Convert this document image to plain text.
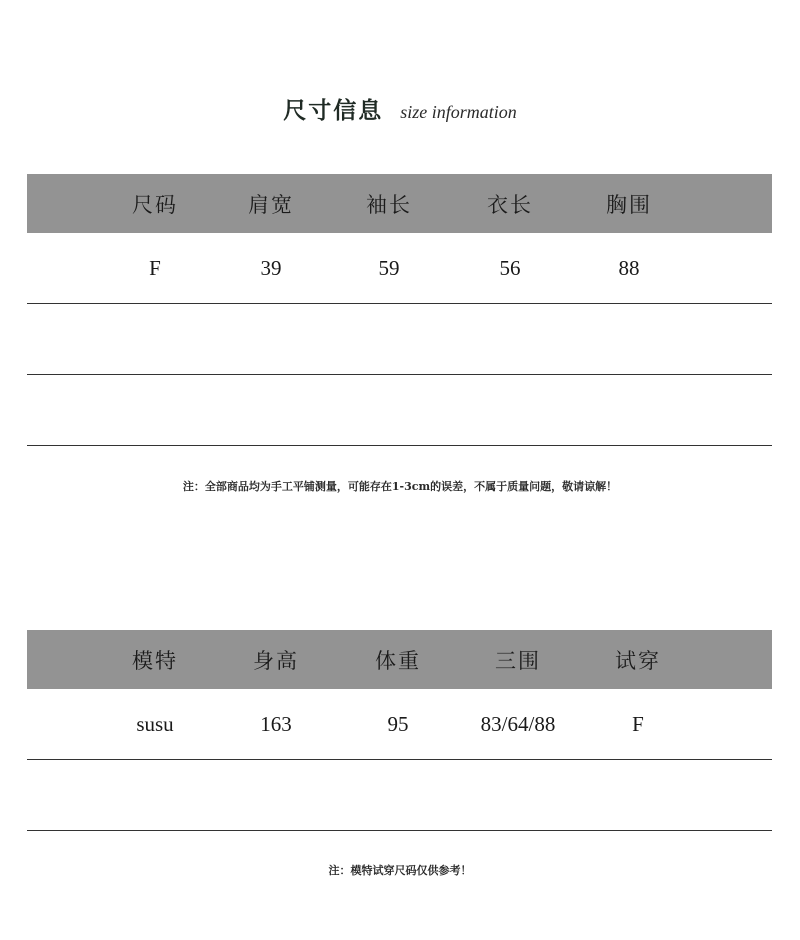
尺寸信息 size information
尺码	肩宽	袖长	衣长	胸围
F	39	59	56	88
注：全部商品均为手工平铺测量，可能存在1-3cm的误差，不属于质量问题，敬请谅解！
模特	身高	体重	三围	试穿
susu	163	95	83/64/88	F
注：模特试穿尺码仅供参考！
